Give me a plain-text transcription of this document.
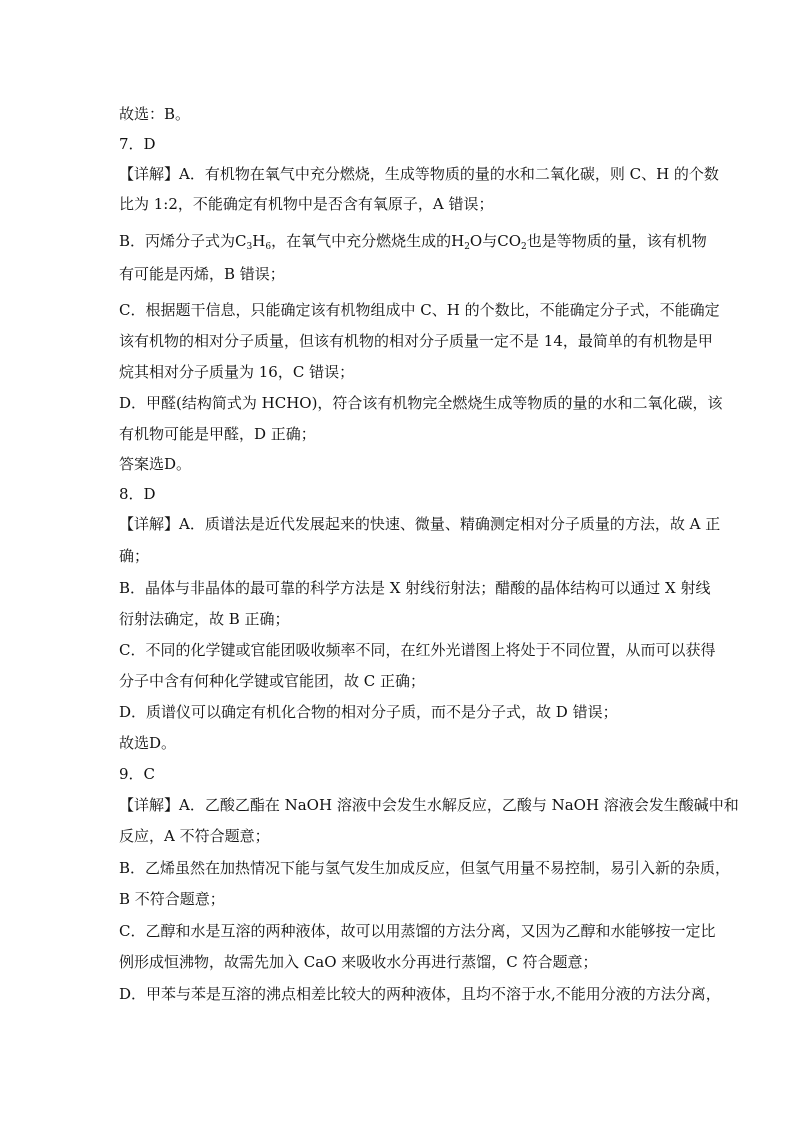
故选：B。
7．D
【详解】A．有机物在氧气中充分燃烧，生成等物质的量的水和二氧化碳，则 C、H 的个数
比为 1:2，不能确定有机物中是否含有氧原子，A 错误；
B．丙烯分子式为$C_3H_6$，在氧气中充分燃烧生成的$H_2O$与$CO_2$也是等物质的量，该有机物
有可能是丙烯，B 错误；
C．根据题干信息，只能确定该有机物组成中 C、H 的个数比，不能确定分子式，不能确定
该有机物的相对分子质量，但该有机物的相对分子质量一定不是 14，最简单的有机物是甲
烷其相对分子质量为 16，C 错误；
D．甲醛(结构简式为 HCHO)，符合该有机物完全燃烧生成等物质的量的水和二氧化碳，该
有机物可能是甲醛，D 正确；
答案选D。
8．D
【详解】A．质谱法是近代发展起来的快速、微量、精确测定相对分子质量的方法，故 A 正
确；
B．晶体与非晶体的最可靠的科学方法是 X 射线衍射法；醋酸的晶体结构可以通过 X 射线
衍射法确定，故 B 正确；
C．不同的化学键或官能团吸收频率不同，在红外光谱图上将处于不同位置，从而可以获得
分子中含有何种化学键或官能团，故 C 正确；
D．质谱仪可以确定有机化合物的相对分子质，而不是分子式，故 D 错误；
故选D。
9．C
【详解】A．乙酸乙酯在 NaOH 溶液中会发生水解反应，乙酸与 NaOH 溶液会发生酸碱中和
反应，A 不符合题意；
B．乙烯虽然在加热情况下能与氢气发生加成反应，但氢气用量不易控制，易引入新的杂质，
B 不符合题意；
C．乙醇和水是互溶的两种液体，故可以用蒸馏的方法分离，又因为乙醇和水能够按一定比
例形成恒沸物，故需先加入 CaO 来吸收水分再进行蒸馏，C 符合题意；
D．甲苯与苯是互溶的沸点相差比较大的两种液体，且均不溶于水,不能用分液的方法分离，
